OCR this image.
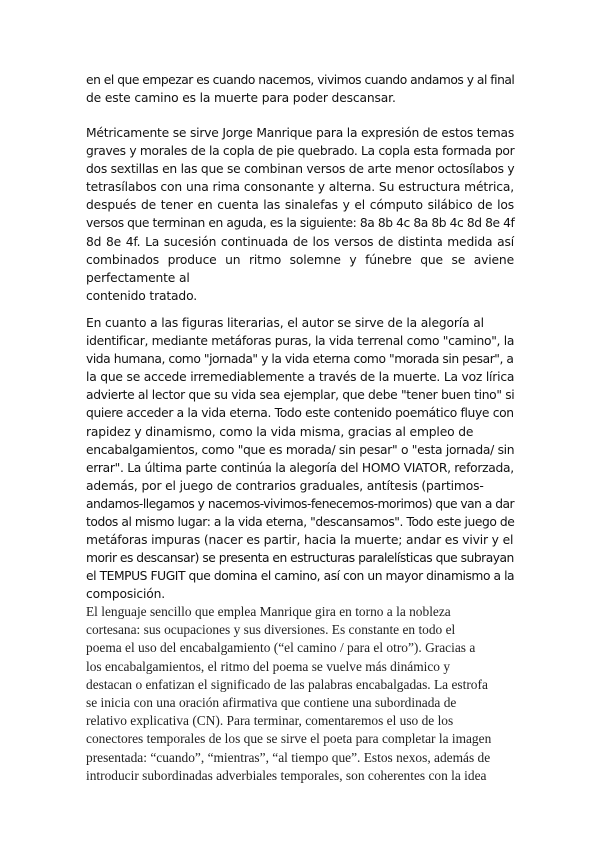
en el que empezar es cuando nacemos, vivimos cuando andamos y al final
de este camino es la muerte para poder descansar.
Métricamente se sirve Jorge Manrique para la expresión de estos temas
graves y morales de la copla de pie quebrado. La copla esta formada por
dos sextillas en las que se combinan versos de arte menor octosílabos y
tetrasílabos con una rima consonante y alterna. Su estructura métrica,
después de tener en cuenta las sinalefas y el cómputo silábico de los
versos que terminan en aguda, es la siguiente: 8a 8b 4c 8a 8b 4c 8d 8e 4f
8d 8e 4f. La sucesión continuada de los versos de distinta medida así
combinados produce un ritmo solemne y fúnebre que se aviene
perfectamente al
contenido tratado.
En cuanto a las figuras literarias, el autor se sirve de la alegoría al
identificar, mediante metáforas puras, la vida terrenal como "camino", la
vida humana, como "jornada" y la vida eterna como "morada sin pesar", a
la que se accede irremediablemente a través de la muerte. La voz lírica
advierte al lector que su vida sea ejemplar, que debe "tener buen tino" si
quiere acceder a la vida eterna. Todo este contenido poemático fluye con
rapidez y dinamismo, como la vida misma, gracias al empleo de
encabalgamientos, como "que es morada/ sin pesar" o "esta jornada/ sin
errar". La última parte continúa la alegoría del HOMO VIATOR, reforzada,
además, por el juego de contrarios graduales, antítesis (partimos-
andamos-llegamos y nacemos-vivimos-fenecemos-morimos) que van a dar
todos al mismo lugar: a la vida eterna, "descansamos". Todo este juego de
metáforas impuras (nacer es partir, hacia la muerte; andar es vivir y el
morir es descansar) se presenta en estructuras paralelísticas que subrayan
el TEMPUS FUGIT que domina el camino, así con un mayor dinamismo a la
composición.
El lenguaje sencillo que emplea Manrique gira en torno a la nobleza
cortesana: sus ocupaciones y sus diversiones. Es constante en todo el
poema el uso del encabalgamiento (“el camino / para el otro”). Gracias a
los encabalgamientos, el ritmo del poema se vuelve más dinámico y
destacan o enfatizan el significado de las palabras encabalgadas. La estrofa
se inicia con una oración afirmativa que contiene una subordinada de
relativo explicativa (CN). Para terminar, comentaremos el uso de los
conectores temporales de los que se sirve el poeta para completar la imagen
presentada: “cuando”, “mientras”, “al tiempo que”. Estos nexos, además de
introducir subordinadas adverbiales temporales, son coherentes con la idea
